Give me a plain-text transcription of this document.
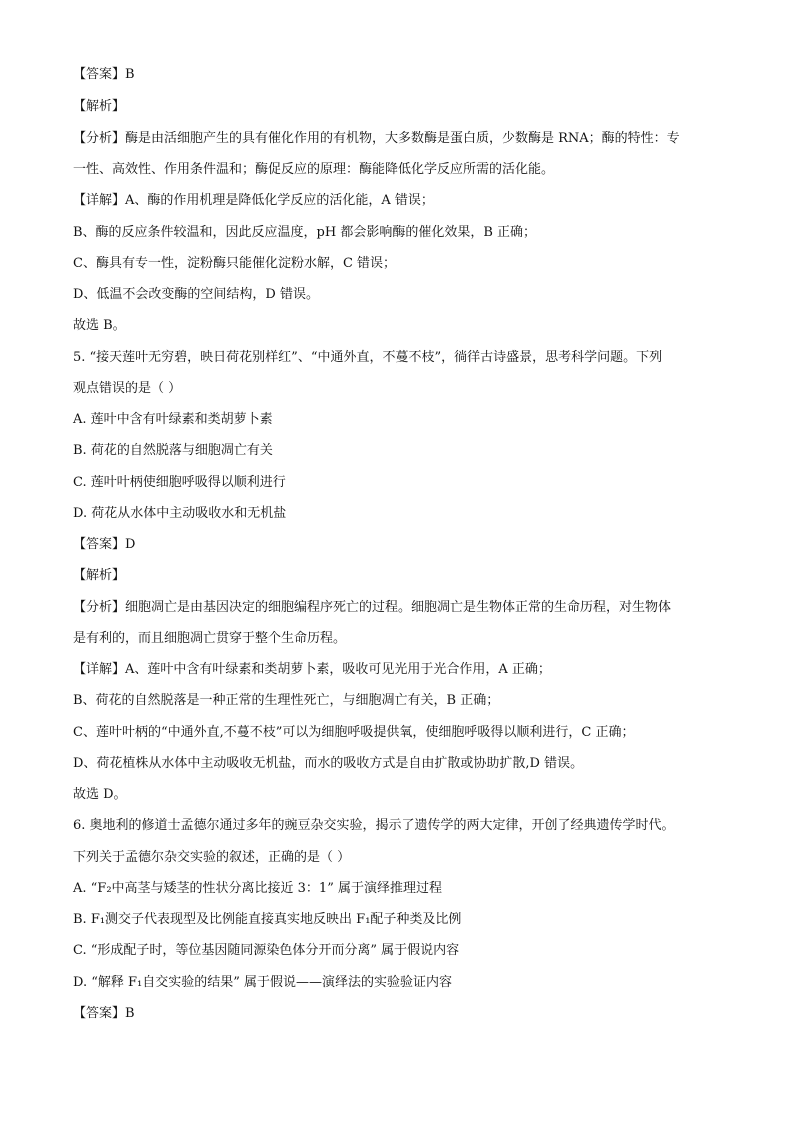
【答案】B
【解析】
【分析】酶是由活细胞产生的具有催化作用的有机物，大多数酶是蛋白质，少数酶是 RNA；酶的特性：专
一性、高效性、作用条件温和；酶促反应的原理：酶能降低化学反应所需的活化能。
【详解】A、酶的作用机理是降低化学反应的活化能，A 错误；
B、酶的反应条件较温和，因此反应温度，pH 都会影响酶的催化效果，B 正确；
C、酶具有专一性，淀粉酶只能催化淀粉水解，C 错误；
D、低温不会改变酶的空间结构，D 错误。
故选 B。
5. “接天莲叶无穷碧，映日荷花别样红”、“中通外直，不蔓不枝”，徜徉古诗盛景，思考科学问题。下列
观点错误的是（ ）
A. 莲叶中含有叶绿素和类胡萝卜素
B. 荷花的自然脱落与细胞凋亡有关
C. 莲叶叶柄使细胞呼吸得以顺利进行
D. 荷花从水体中主动吸收水和无机盐
【答案】D
【解析】
【分析】细胞凋亡是由基因决定的细胞编程序死亡的过程。细胞凋亡是生物体正常的生命历程，对生物体
是有利的，而且细胞凋亡贯穿于整个生命历程。
【详解】A、莲叶中含有叶绿素和类胡萝卜素，吸收可见光用于光合作用，A 正确；
B、荷花的自然脱落是一种正常的生理性死亡，与细胞凋亡有关，B 正确；
C、莲叶叶柄的“中通外直,不蔓不枝”可以为细胞呼吸提供氧，使细胞呼吸得以顺利进行，C 正确；
D、荷花植株从水体中主动吸收无机盐，而水的吸收方式是自由扩散或协助扩散,D 错误。
故选 D。
6. 奥地利的修道士孟德尔通过多年的豌豆杂交实验，揭示了遗传学的两大定律，开创了经典遗传学时代。
下列关于孟德尔杂交实验的叙述，正确的是（ ）
A. “F₂中高茎与矮茎的性状分离比接近 3：1” 属于演绎推理过程
B. F₁测交子代表现型及比例能直接真实地反映出 F₁配子种类及比例
C. “形成配子时，等位基因随同源染色体分开而分离” 属于假说内容
D. “解释 F₁自交实验的结果” 属于假说——演绎法的实验验证内容
【答案】B
